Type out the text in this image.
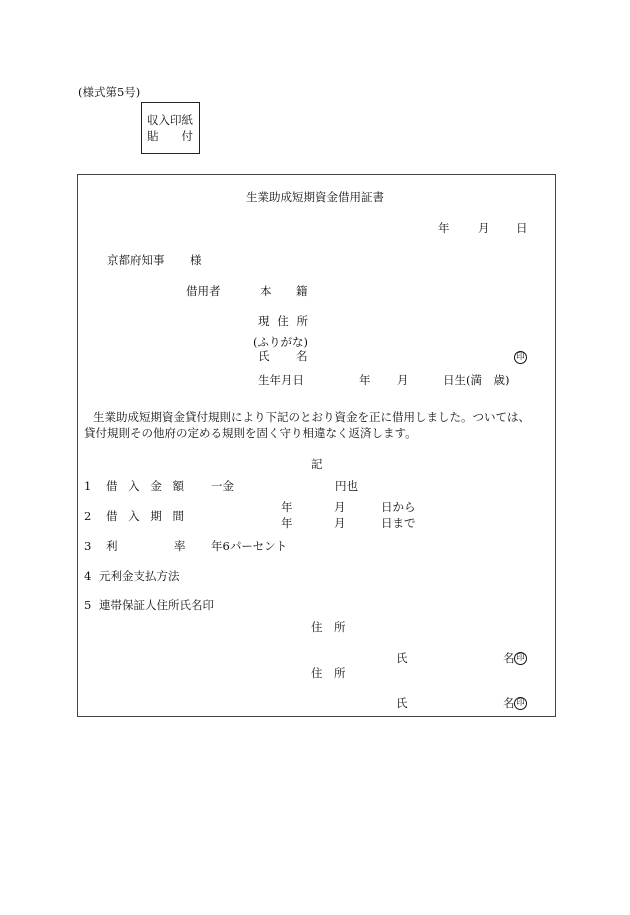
(様式第5号)
収入印紙
貼 付
生業助成短期資金借用証書
年 月 日
京都府知事 様
借用者	本 籍
現 住 所
(ふりがな)
氏 名	印
生年月日	年 月	日生(満　歳)
生業助成短期資金貸付規則により下記のとおり資金を正に借用しました。ついては、
貸付規則その他府の定める規則を固く守り相違なく返済します。
記
1 借 入 金 額 一金	円也
2 借 入 期 間
年	月	日から
年	月	日まで
3 利	率 年6パーセント
4 元利金支払方法
5 連帯保証人住所氏名印
住 所
氏	名 印
住 所
氏	名 印
